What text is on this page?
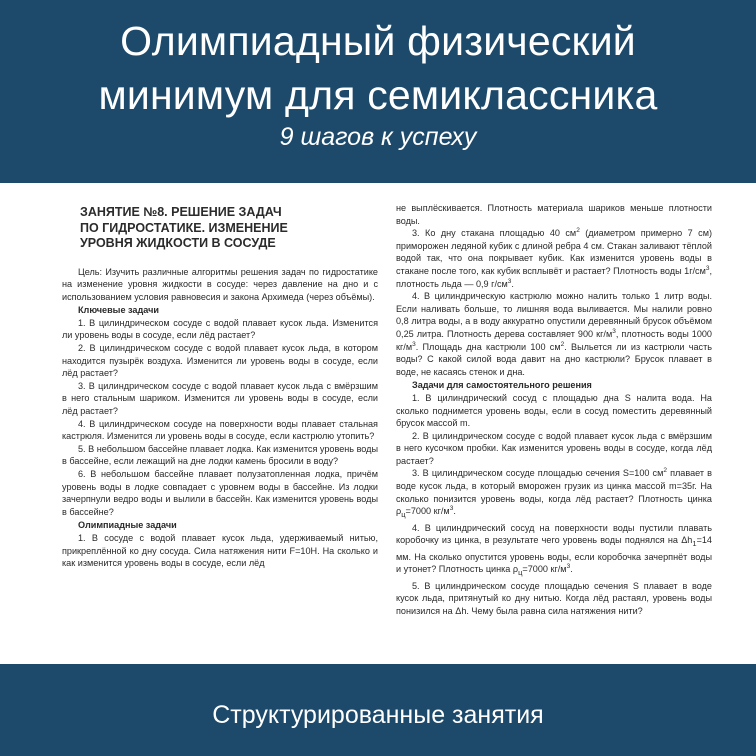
Олимпиадный физический
минимум для семиклассника

9 шагов к успеху

ЗАНЯТИЕ №8. РЕШЕНИЕ ЗАДАЧ
ПО ГИДРОСТАТИКЕ. ИЗМЕНЕНИЕ
УРОВНЯ ЖИДКОСТИ В СОСУДЕ

Цель: Изучить различные алгоритмы решения задач по гидростатике на изменение уровня жидкости в сосуде: через давление на дно и с использованием условия равновесия и закона Архимеда (через объёмы).

Ключевые задачи

1. В цилиндрическом сосуде с водой плавает кусок льда. Изменится ли уровень воды в сосуде, если лёд растает?

2. В цилиндрическом сосуде с водой плавает кусок льда, в котором находится пузырёк воздуха. Изменится ли уровень воды в сосуде, если лёд растает?

3. В цилиндрическом сосуде с водой плавает кусок льда с вмёрзшим в него стальным шариком. Изменится ли уровень воды в сосуде, если лёд растает?

4. В цилиндрическом сосуде на поверхности воды плавает стальная кастрюля. Изменится ли уровень воды в сосуде, если кастрюлю утопить?

5. В небольшом бассейне плавает лодка. Как изменится уровень воды в бассейне, если лежащий на дне лодки камень бросили в воду?

6. В небольшом бассейне плавает полузатопленная лодка, причём уровень воды в лодке совпадает с уровнем воды в бассейне. Из лодки зачерпнули ведро воды и вылили в бассейн. Как изменится уровень воды в бассейне?

Олимпиадные задачи

1. В сосуде с водой плавает кусок льда, удерживаемый нитью, прикреплённой ко дну сосуда. Сила натяжения нити F=10Н. На сколько и как изменится уровень воды в сосуде, если лёд

не выплёскивается. Плотность материала шариков меньше плотности воды.

3. Ко дну стакана площадью 40 $см^2$ (диаметром примерно 7 см) приморожен ледяной кубик с длиной ребра 4 см. Стакан заливают тёплой водой так, что она покрывает кубик. Как изменится уровень воды в стакане после того, как кубик всплывёт и растает? Плотность воды $1г/см^3$, плотность льда — 0,9 $г/см^3$.

4. В цилиндрическую кастрюлю можно налить только 1 литр воды. Если наливать больше, то лишняя вода выливается. Мы налили ровно 0,8 литра воды, а в воду аккуратно опустили деревянный брусок объёмом 0,25 литра. Плотность дерева составляет 900 $кг/м^3$, плотность воды 1000 $кг/м^3$. Площадь дна кастрюли 100 $см^2$. Выльется ли из кастрюли часть воды? С какой силой вода давит на дно кастрюли? Брусок плавает в воде, не касаясь стенок и дна.

Задачи для самостоятельного решения

1. В цилиндрический сосуд с площадью дна S налита вода. На сколько поднимется уровень воды, если в сосуд поместить деревянный брусок массой m.

2. В цилиндрическом сосуде с водой плавает кусок льда с вмёрзшим в него кусочком пробки. Как изменится уровень воды в сосуде, когда лёд растает?

3. В цилиндрическом сосуде площадью сечения S=100 $см^2$ плавает в воде кусок льда, в который вморожен грузик из цинка массой m=35г. На сколько понизится уровень воды, когда лёд растает? Плотность цинка $\rho_ц=7000$ $кг/м^3$.

4. В цилиндрический сосуд на поверхности воды пустили плавать коробочку из цинка, в результате чего уровень воды поднялся на $\Delta h_1=14$ мм. На сколько опустится уровень воды, если коробочка зачерпнёт воды и утонет? Плотность цинка $\rho_ц=7000$ $кг/м^3$.

5. В цилиндрическом сосуде площадью сечения S плавает в воде кусок льда, притянутый ко дну нитью. Когда лёд растаял, уровень воды понизился на Δh. Чему была равна сила натяжения нити?

Структурированные занятия
